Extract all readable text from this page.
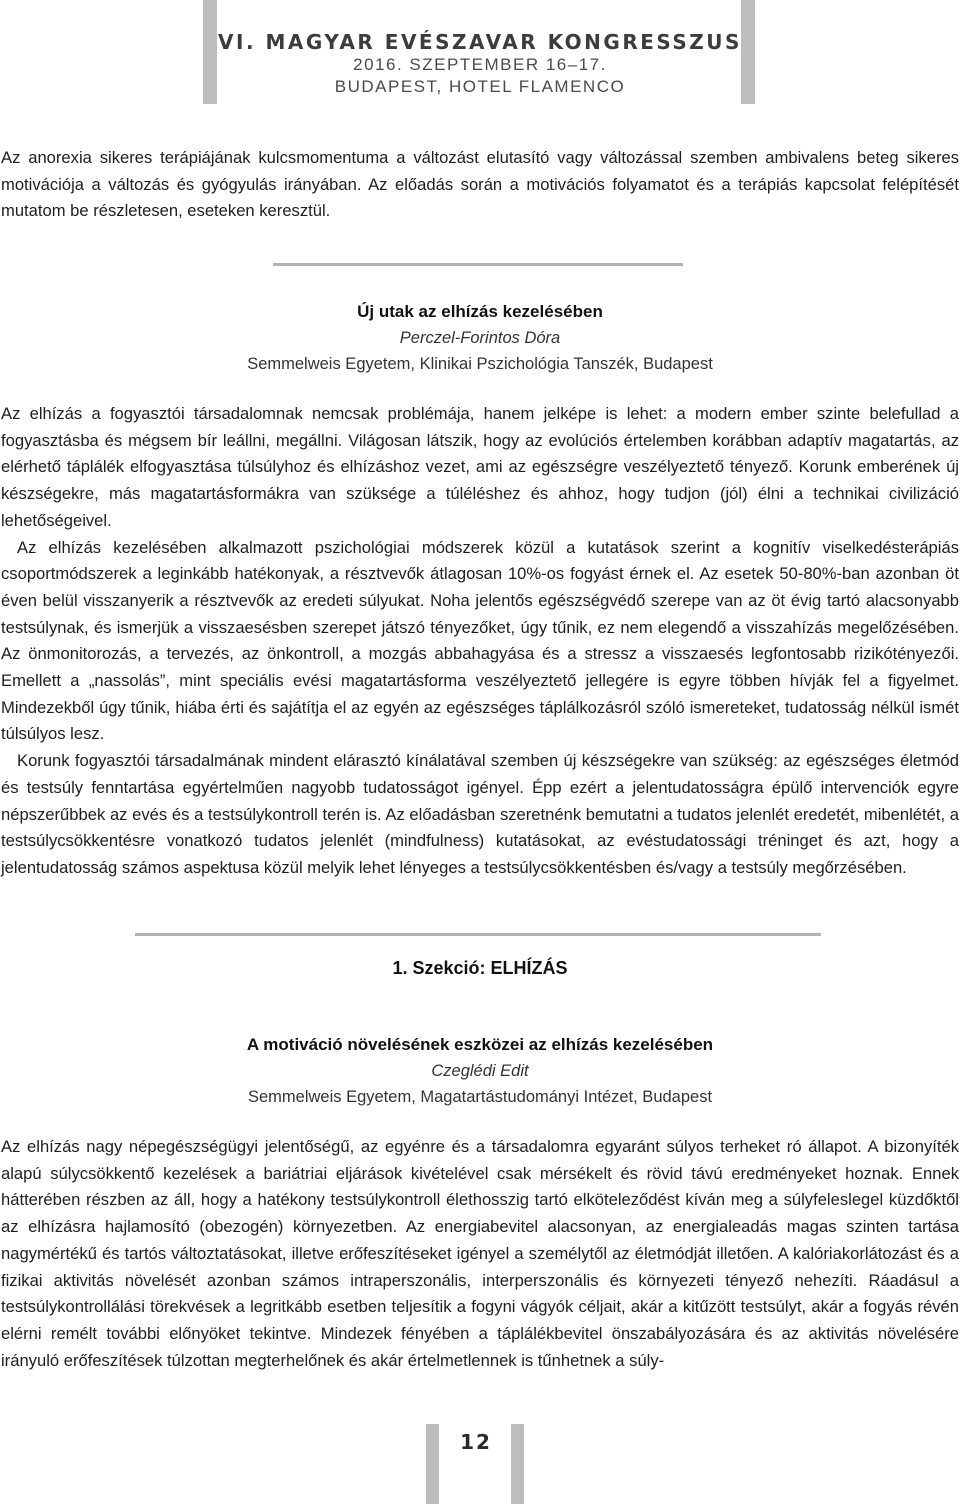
VI. MAGYAR EVÉSZAVAR KONGRESSZUS
2016. SZEPTEMBER 16–17.
BUDAPEST, HOTEL FLAMENCO

Az anorexia sikeres terápiájának kulcsmomentuma a változást elutasító vagy változással szemben ambivalens beteg sikeres motivációja a változás és gyógyulás irányában. Az előadás során a motivációs folyamatot és a terápiás kapcsolat felépítését mutatom be részletesen, eseteken keresztül.

Új utak az elhízás kezelésében
Perczel-Forintos Dóra
Semmelweis Egyetem, Klinikai Pszichológia Tanszék, Budapest

Az elhízás a fogyasztói társadalomnak nemcsak problémája, hanem jelképe is lehet: a modern ember szinte belefullad a fogyasztásba és mégsem bír leállni, megállni. Világosan látszik, hogy az evolúciós értelemben korábban adaptív magatartás, az elérhető táplálék elfogyasztása túlsúlyhoz és elhízáshoz vezet, ami az egészségre veszélyeztető tényező. Korunk emberének új készségekre, más magatartásformákra van szüksége a túléléshez és ahhoz, hogy tudjon (jól) élni a technikai civilizáció lehetőségeivel.

Az elhízás kezelésében alkalmazott pszichológiai módszerek közül a kutatások szerint a kognitív viselkedésterápiás csoportmódszerek a leginkább hatékonyak, a résztvevők átlagosan 10%-os fogyást érnek el. Az esetek 50-80%-ban azonban öt éven belül visszanyerik a résztvevők az eredeti súlyukat. Noha jelentős egészségvédő szerepe van az öt évig tartó alacsonyabb testsúlynak, és ismerjük a visszaesésben szerepet játszó tényezőket, úgy tűnik, ez nem elegendő a visszahízás megelőzésében. Az önmonitorozás, a tervezés, az önkontroll, a mozgás abbahagyása és a stressz a visszaesés legfontosabb rizikótényezői. Emellett a „nassolás”, mint speciális evési magatartásforma veszélyeztető jellegére is egyre többen hívják fel a figyelmet. Mindezekből úgy tűnik, hiába érti és sajátítja el az egyén az egészséges táplálkozásról szóló ismereteket, tudatosság nélkül ismét túlsúlyos lesz.

Korunk fogyasztói társadalmának mindent elárasztó kínálatával szemben új készségekre van szükség: az egészséges életmód és testsúly fenntartása egyértelműen nagyobb tudatosságot igényel. Épp ezért a jelentudatosságra épülő intervenciók egyre népszerűbbek az evés és a testsúlykontroll terén is. Az előadásban szeretnénk bemutatni a tudatos jelenlét eredetét, mibenlétét, a testsúlycsökkentésre vonatkozó tudatos jelenlét (mindfulness) kutatásokat, az evéstudatossági tréninget és azt, hogy a jelentudatosság számos aspektusa közül melyik lehet lényeges a testsúlycsökkentésben és/vagy a testsúly megőrzésében.

1. Szekció: ELHÍZÁS
A motiváció növelésének eszközei az elhízás kezelésében
Czeglédi Edit
Semmelweis Egyetem, Magatartástudományi Intézet, Budapest

Az elhízás nagy népegészségügyi jelentőségű, az egyénre és a társadalomra egyaránt súlyos terheket ró állapot. A bizonyíték alapú súlycsökkentő kezelések a bariátriai eljárások kivételével csak mérsékelt és rövid távú eredményeket hoznak. Ennek hátterében részben az áll, hogy a hatékony testsúlykontroll élethosszig tartó elköteleződést kíván meg a súlyfeleslegel küzdőktől az elhízásra hajlamosító (obezogén) környezetben. Az energiabevitel alacsonyan, az energialeadás magas szinten tartása nagymértékű és tartós változtatásokat, illetve erőfeszítéseket igényel a személytől az életmódját illetően. A kalóriakorlátozást és a fizikai aktivitás növelését azonban számos intraperszonális, interperszonális és környezeti tényező nehezíti. Ráadásul a testsúlykontrollálási törekvések a legritkább esetben teljesítik a fogyni vágyók céljait, akár a kitűzött testsúlyt, akár a fogyás révén elérni remélt további előnyöket tekintve. Mindezek fényében a táplálékbevitel önszabályozására és az aktivitás növelésére irányuló erőfeszítések túlzottan megterhelőnek és akár értelmetlennek is tűnhetnek a súly-

12
